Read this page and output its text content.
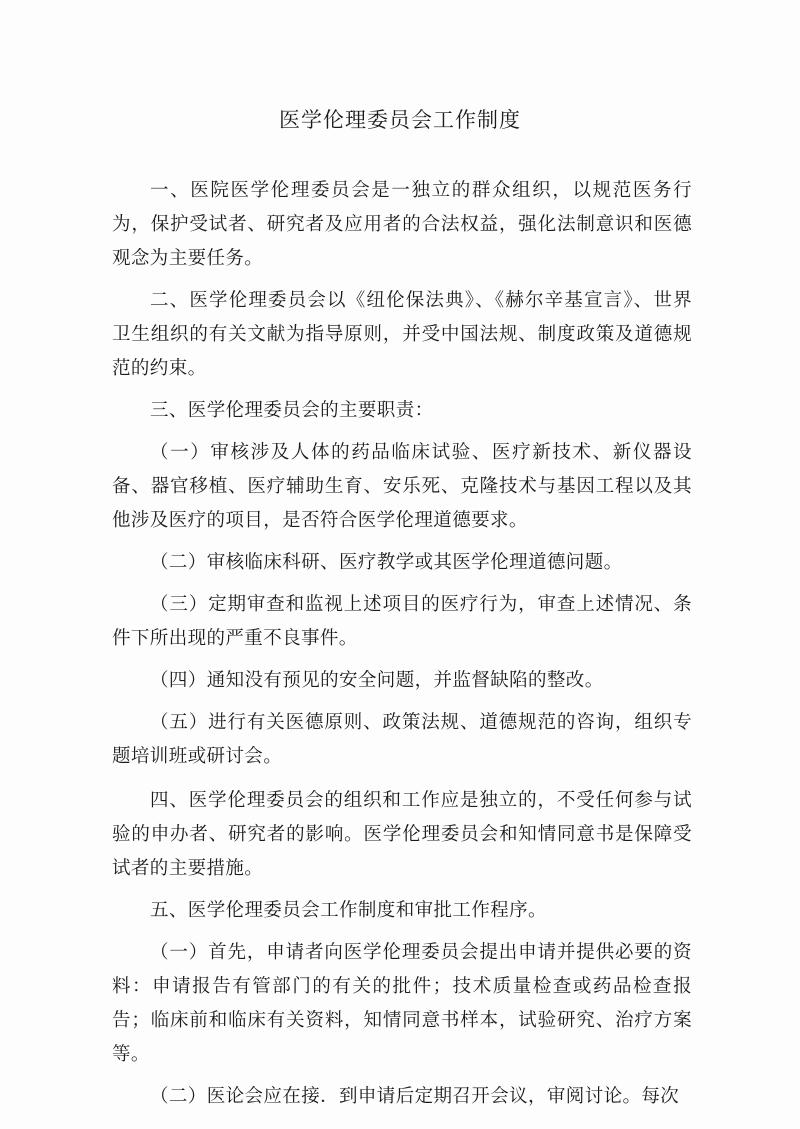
医学伦理委员会工作制度

一、医院医学伦理委员会是一独立的群众组织，以规范医务行为，保护受试者、研究者及应用者的合法权益，强化法制意识和医德观念为主要任务。

二、医学伦理委员会以《纽伦保法典》、《赫尔辛基宣言》、世界 卫生组织的有关文献为指导原则，并受中国法规、制度政策及道德规 范的约束。

三、医学伦理委员会的主要职责：

（一）审核涉及人体的药品临床试验、医疗新技术、新仪器设备、器官移植、医疗辅助生育、安乐死、克隆技术与基因工程以及其他涉及医疗的项目，是否符合医学伦理道德要求。

（二）审核临床科研、医疗教学或其医学伦理道德问题。

（三）定期审查和监视上述项目的医疗行为，审查上述情况、条件下所出现的严重不良事件。

（四）通知没有预见的安全问题，并监督缺陷的整改。

（五）进行有关医德原则、政策法规、道德规范的咨询，组织专题培训班或研讨会。

四、医学伦理委员会的组织和工作应是独立的，不受任何参与试验的申办者、研究者的影响。医学伦理委员会和知情同意书是保障受试者的主要措施。

五、医学伦理委员会工作制度和审批工作程序。

（一）首先，申请者向医学伦理委员会提出申请并提供必要的资料：申请报告有管部门的有关的批件；技术质量检查或药品检查报告；临床前和临床有关资料，知情同意书样本，试验研究、治疗方案等。

（二）医论会应在接．到申请后定期召开会议，审阅讨论。每次
